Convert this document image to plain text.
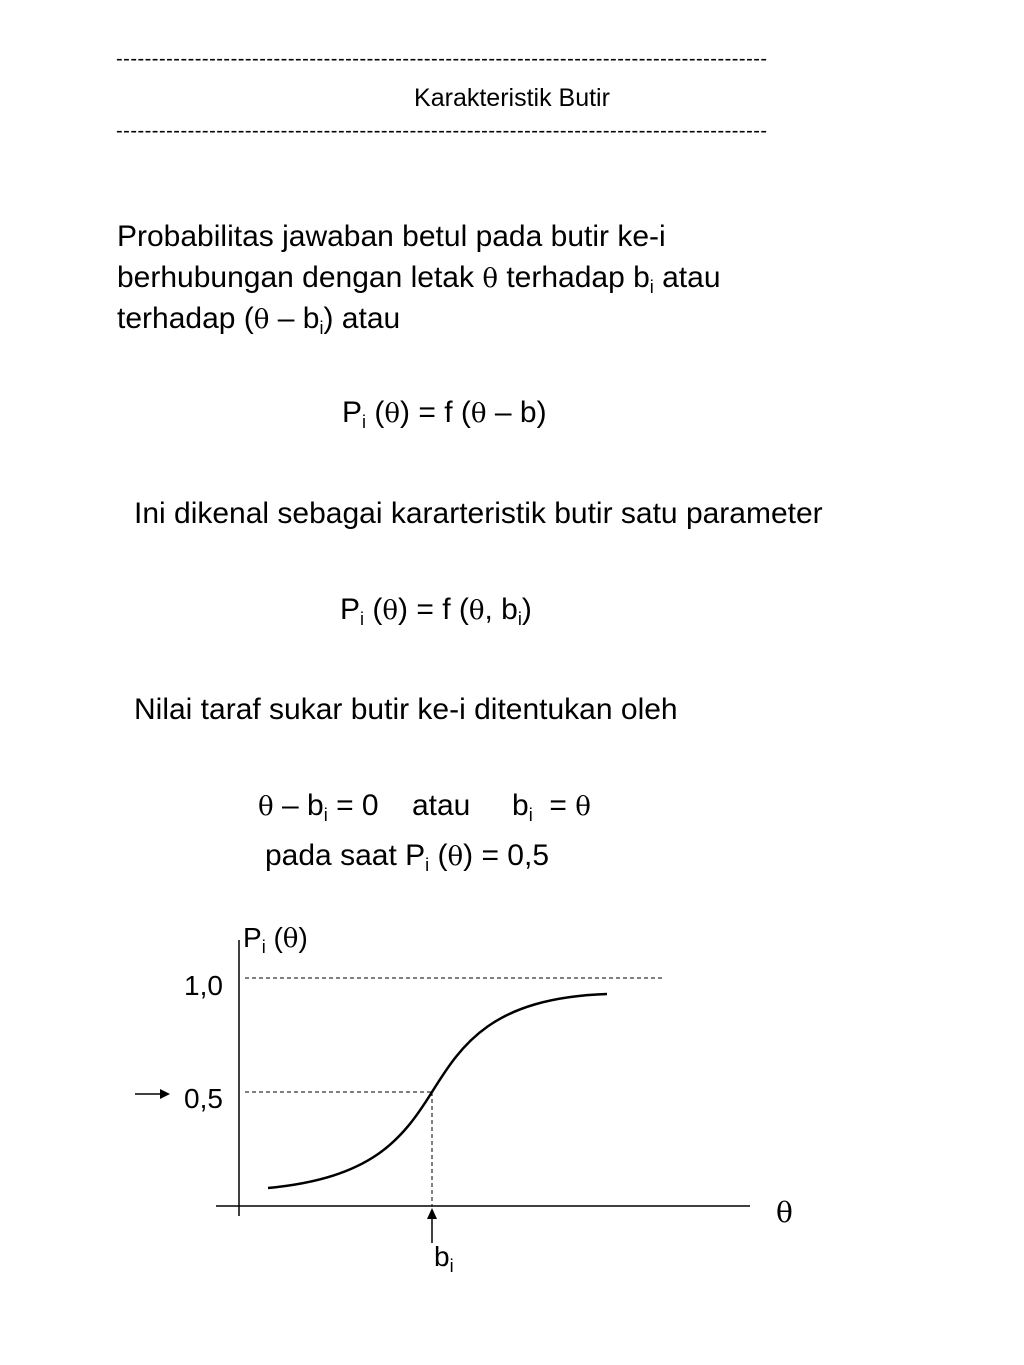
-------------------------------------------------------------------------------------------
Karakteristik Butir
-------------------------------------------------------------------------------------------
Probabilitas jawaban betul pada butir ke-i
berhubungan dengan letak θ terhadap $b_i$ atau
terhadap $(\theta - b_i)$ atau
$P_i$ (θ) = f (θ – b)
Ini dikenal sebagai kararteristik butir satu parameter
$P_i$ (θ) = f (θ, $b_i$)
Nilai taraf sukar butir ke-i ditentukan oleh
$\theta - b_i = 0$ atau $b_i = \theta$
pada saat $P_i$ (θ) = 0,5
$P_i$ (θ)
1,0
0,5
θ
$b_i$
